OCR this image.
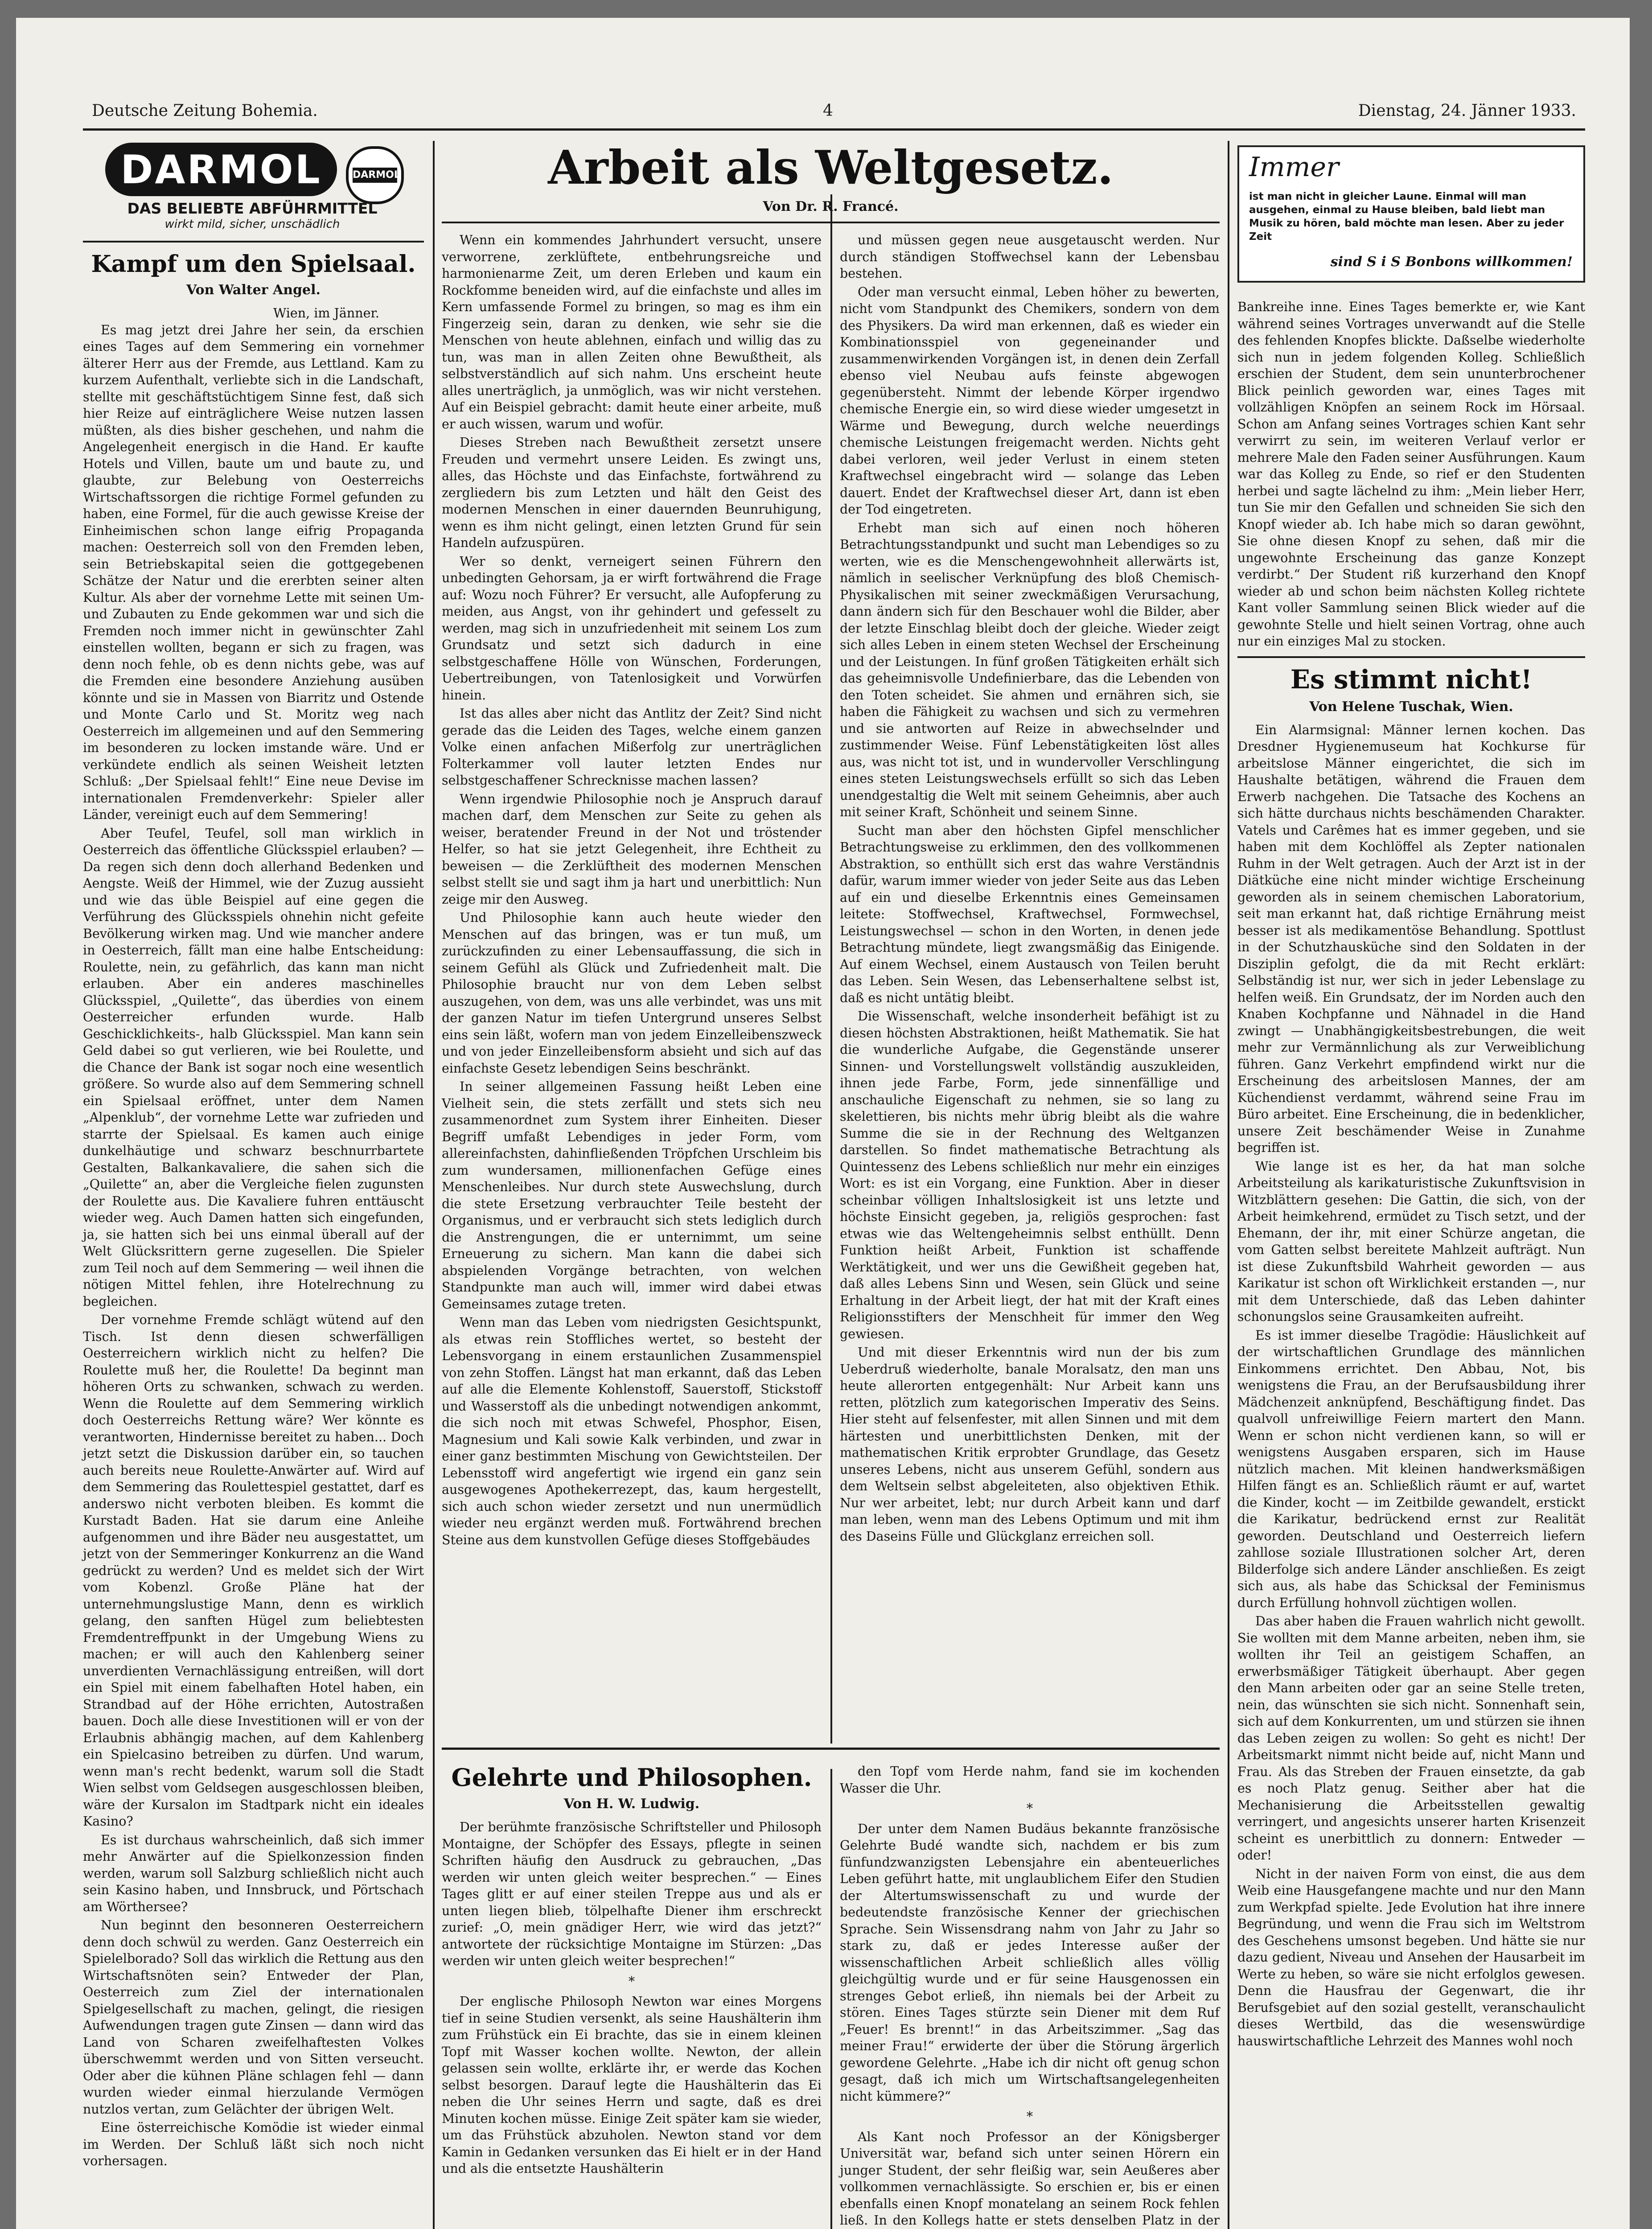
Deutsche Zeitung Bohemia.	4	Dienstag, 24. Jänner 1933.
DARMOL	DARMOL
DAS BELIEBTE ABFÜHRMITTEL
wirkt mild, sicher, unschädlich
Kampf um den Spielsaal.
Von Walter Angel.
Wien, im Jänner.

Es mag jetzt drei Jahre her sein, da erschien eines Tages auf dem Semmering ein vornehmer älterer Herr aus der Fremde, aus Lettland. Kam zu kurzem Aufenthalt, verliebte sich in die Landschaft, stellte mit geschäftstüchtigem Sinne fest, daß sich hier Reize auf einträglichere Weise nutzen lassen müßten, als dies bisher geschehen, und nahm die Angelegenheit energisch in die Hand. Er kaufte Hotels und Villen, baute um und baute zu, und glaubte, zur Belebung von Oesterreichs Wirtschaftssorgen die richtige Formel gefunden zu haben, eine Formel, für die auch gewisse Kreise der Einheimischen schon lange eifrig Propaganda machen: Oesterreich soll von den Fremden leben, sein Betriebskapital seien die gottgegebenen Schätze der Natur und die ererbten seiner alten Kultur. Als aber der vornehme Lette mit seinen Um- und Zubauten zu Ende gekommen war und sich die Fremden noch immer nicht in gewünschter Zahl einstellen wollten, begann er sich zu fragen, was denn noch fehle, ob es denn nichts gebe, was auf die Fremden eine besondere Anziehung ausüben könnte und sie in Massen von Biarritz und Ostende und Monte Carlo und St. Moritz weg nach Oesterreich im allgemeinen und auf den Semmering im besonderen zu locken imstande wäre. Und er verkündete endlich als seinen Weisheit letzten Schluß: „Der Spielsaal fehlt!“ Eine neue Devise im internationalen Fremdenverkehr: Spieler aller Länder, vereinigt euch auf dem Semmering!

Aber Teufel, Teufel, soll man wirklich in Oesterreich das öffentliche Glücksspiel erlauben? — Da regen sich denn doch allerhand Bedenken und Aengste. Weiß der Himmel, wie der Zuzug aussieht und wie das üble Beispiel auf eine gegen die Verführung des Glücksspiels ohnehin nicht gefeite Bevölkerung wirken mag. Und wie mancher andere in Oesterreich, fällt man eine halbe Entscheidung: Roulette, nein, zu gefährlich, das kann man nicht erlauben. Aber ein anderes maschinelles Glücksspiel, „Quilette“, das überdies von einem Oesterreicher erfunden wurde. Halb Geschicklichkeits-, halb Glücksspiel. Man kann sein Geld dabei so gut verlieren, wie bei Roulette, und die Chance der Bank ist sogar noch eine wesentlich größere. So wurde also auf dem Semmering schnell ein Spielsaal eröffnet, unter dem Namen „Alpenklub“, der vornehme Lette war zufrieden und starrte der Spielsaal. Es kamen auch einige dunkelhäutige und schwarz beschnurrbartete Gestalten, Balkankavaliere, die sahen sich die „Quilette“ an, aber die Vergleiche fielen zugunsten der Roulette aus. Die Kavaliere fuhren enttäuscht wieder weg. Auch Damen hatten sich eingefunden, ja, sie hatten sich bei uns einmal überall auf der Welt Glücksrittern gerne zugesellen. Die Spieler zum Teil noch auf dem Semmering — weil ihnen die nötigen Mittel fehlen, ihre Hotelrechnung zu begleichen.

Der vornehme Fremde schlägt wütend auf den Tisch. Ist denn diesen schwerfälligen Oesterreichern wirklich nicht zu helfen? Die Roulette muß her, die Roulette! Da beginnt man höheren Orts zu schwanken, schwach zu werden. Wenn die Roulette auf dem Semmering wirklich doch Oesterreichs Rettung wäre? Wer könnte es verantworten, Hindernisse bereitet zu haben... Doch jetzt setzt die Diskussion darüber ein, so tauchen auch bereits neue Roulette-Anwärter auf. Wird auf dem Semmering das Roulettespiel gestattet, darf es anderswo nicht verboten bleiben. Es kommt die Kurstadt Baden. Hat sie darum eine Anleihe aufgenommen und ihre Bäder neu ausgestattet, um jetzt von der Semmeringer Konkurrenz an die Wand gedrückt zu werden? Und es meldet sich der Wirt vom Kobenzl. Große Pläne hat der unternehmungslustige Mann, denn es wirklich gelang, den sanften Hügel zum beliebtesten Fremdentreffpunkt in der Umgebung Wiens zu machen; er will auch den Kahlenberg seiner unverdienten Vernachlässigung entreißen, will dort ein Spiel mit einem fabelhaften Hotel haben, ein Strandbad auf der Höhe errichten, Autostraßen bauen. Doch alle diese Investitionen will er von der Erlaubnis abhängig machen, auf dem Kahlenberg ein Spielcasino betreiben zu dürfen. Und warum, wenn man's recht bedenkt, warum soll die Stadt Wien selbst vom Geldsegen ausgeschlossen bleiben, wäre der Kursalon im Stadtpark nicht ein ideales Kasino?

Es ist durchaus wahrscheinlich, daß sich immer mehr Anwärter auf die Spielkonzession finden werden, warum soll Salzburg schließlich nicht auch sein Kasino haben, und Innsbruck, und Pörtschach am Wörthersee?

Nun beginnt den besonneren Oesterreichern denn doch schwül zu werden. Ganz Oesterreich ein Spielelborado? Soll das wirklich die Rettung aus den Wirtschaftsnöten sein? Entweder der Plan, Oesterreich zum Ziel der internationalen Spielgesellschaft zu machen, gelingt, die riesigen Aufwendungen tragen gute Zinsen — dann wird das Land von Scharen zweifelhaftesten Volkes überschwemmt werden und von Sitten verseucht. Oder aber die kühnen Pläne schlagen fehl — dann wurden wieder einmal hierzulande Vermögen nutzlos vertan, zum Gelächter der übrigen Welt.

Eine österreichische Komödie ist wieder einmal im Werden. Der Schluß läßt sich noch nicht vorhersagen.

Arbeit als Weltgesetz.
Von Dr. R. Francé.

Wenn ein kommendes Jahrhundert versucht, unsere verworrene, zerklüftete, entbehrungsreiche und harmonienarme Zeit, um deren Erleben und kaum ein Rockfomme beneiden wird, auf die einfachste und alles im Kern umfassende Formel zu bringen, so mag es ihm ein Fingerzeig sein, daran zu denken, wie sehr sie die Menschen von heute ablehnen, einfach und willig das zu tun, was man in allen Zeiten ohne Bewußtheit, als selbstverständlich auf sich nahm. Uns erscheint heute alles unerträglich, ja unmöglich, was wir nicht verstehen. Auf ein Beispiel gebracht: damit heute einer arbeite, muß er auch wissen, warum und wofür.

Dieses Streben nach Bewußtheit zersetzt unsere Freuden und vermehrt unsere Leiden. Es zwingt uns, alles, das Höchste und das Einfachste, fortwährend zu zergliedern bis zum Letzten und hält den Geist des modernen Menschen in einer dauernden Beunruhigung, wenn es ihm nicht gelingt, einen letzten Grund für sein Handeln aufzuspüren.

Wer so denkt, verneigert seinen Führern den unbedingten Gehorsam, ja er wirft fortwährend die Frage auf: Wozu noch Führer? Er versucht, alle Aufopferung zu meiden, aus Angst, von ihr gehindert und gefesselt zu werden, mag sich in unzufriedenheit mit seinem Los zum Grundsatz und setzt sich dadurch in eine selbstgeschaffene Hölle von Wünschen, Forderungen, Uebertreibungen, von Tatenlosigkeit und Vorwürfen hinein.

Ist das alles aber nicht das Antlitz der Zeit? Sind nicht gerade das die Leiden des Tages, welche einem ganzen Volke einen anfachen Mißerfolg zur unerträglichen Folterkammer voll lauter letzten Endes nur selbstgeschaffener Schrecknisse machen lassen?

Wenn irgendwie Philosophie noch je Anspruch darauf machen darf, dem Menschen zur Seite zu gehen als weiser, beratender Freund in der Not und tröstender Helfer, so hat sie jetzt Gelegenheit, ihre Echtheit zu beweisen — die Zerklüftheit des modernen Menschen selbst stellt sie und sagt ihm ja hart und unerbittlich: Nun zeige mir den Ausweg.

Und Philosophie kann auch heute wieder den Menschen auf das bringen, was er tun muß, um zurückzufinden zu einer Lebensauffassung, die sich in seinem Gefühl als Glück und Zufriedenheit malt. Die Philosophie braucht nur von dem Leben selbst auszugehen, von dem, was uns alle verbindet, was uns mit der ganzen Natur im tiefen Untergrund unseres Selbst eins sein läßt, wofern man von jedem Einzelleibenszweck und von jeder Einzelleibensform absieht und sich auf das einfachste Gesetz lebendigen Seins beschränkt.

In seiner allgemeinen Fassung heißt Leben eine Vielheit sein, die stets zerfällt und stets sich neu zusammenordnet zum System ihrer Einheiten. Dieser Begriff umfaßt Lebendiges in jeder Form, vom allereinfachsten, dahinfließenden Tröpfchen Urschleim bis zum wundersamen, millionenfachen Gefüge eines Menschenleibes. Nur durch stete Auswechslung, durch die stete Ersetzung verbrauchter Teile besteht der Organismus, und er verbraucht sich stets lediglich durch die Anstrengungen, die er unternimmt, um seine Erneuerung zu sichern. Man kann die dabei sich abspielenden Vorgänge betrachten, von welchen Standpunkte man auch will, immer wird dabei etwas Gemeinsames zutage treten.

Wenn man das Leben vom niedrigsten Gesichtspunkt, als etwas rein Stoffliches wertet, so besteht der Lebensvorgang in einem erstaunlichen Zusammenspiel von zehn Stoffen. Längst hat man erkannt, daß das Leben auf alle die Elemente Kohlenstoff, Sauerstoff, Stickstoff und Wasserstoff als die unbedingt notwendigen ankommt, die sich noch mit etwas Schwefel, Phosphor, Eisen, Magnesium und Kali sowie Kalk verbinden, und zwar in einer ganz bestimmten Mischung von Gewichtsteilen. Der Lebensstoff wird angefertigt wie irgend ein ganz sein ausgewogenes Apothekerrezept, das, kaum hergestellt, sich auch schon wieder zersetzt und nun unermüdlich wieder neu ergänzt werden muß. Fortwährend brechen Steine aus dem kunstvollen Gefüge dieses Stoffgebäudes

und müssen gegen neue ausgetauscht werden. Nur durch ständigen Stoffwechsel kann der Lebensbau bestehen.

Oder man versucht einmal, Leben höher zu bewerten, nicht vom Standpunkt des Chemikers, sondern von dem des Physikers. Da wird man erkennen, daß es wieder ein Kombinationsspiel von gegeneinander und zusammenwirkenden Vorgängen ist, in denen dein Zerfall ebenso viel Neubau aufs feinste abgewogen gegenübersteht. Nimmt der lebende Körper irgendwo chemische Energie ein, so wird diese wieder umgesetzt in Wärme und Bewegung, durch welche neuerdings chemische Leistungen freigemacht werden. Nichts geht dabei verloren, weil jeder Verlust in einem steten Kraftwechsel eingebracht wird — solange das Leben dauert. Endet der Kraftwechsel dieser Art, dann ist eben der Tod eingetreten.

Erhebt man sich auf einen noch höheren Betrachtungsstandpunkt und sucht man Lebendiges so zu werten, wie es die Menschengewohnheit allerwärts ist, nämlich in seelischer Verknüpfung des bloß Chemisch-Physikalischen mit seiner zweckmäßigen Verursachung, dann ändern sich für den Beschauer wohl die Bilder, aber der letzte Einschlag bleibt doch der gleiche. Wieder zeigt sich alles Leben in einem steten Wechsel der Erscheinung und der Leistungen. In fünf großen Tätigkeiten erhält sich das geheimnisvolle Undefinierbare, das die Lebenden von den Toten scheidet. Sie ahmen und ernähren sich, sie haben die Fähigkeit zu wachsen und sich zu vermehren und sie antworten auf Reize in abwechselnder und zustimmender Weise. Fünf Lebenstätigkeiten löst alles aus, was nicht tot ist, und in wundervoller Verschlingung eines steten Leistungswechsels erfüllt so sich das Leben unendgestaltig die Welt mit seinem Geheimnis, aber auch mit seiner Kraft, Schönheit und seinem Sinne.

Sucht man aber den höchsten Gipfel menschlicher Betrachtungsweise zu erklimmen, den des vollkommenen Abstraktion, so enthüllt sich erst das wahre Verständnis dafür, warum immer wieder von jeder Seite aus das Leben auf ein und dieselbe Erkenntnis eines Gemeinsamen leitete: Stoffwechsel, Kraftwechsel, Formwechsel, Leistungswechsel — schon in den Worten, in denen jede Betrachtung mündete, liegt zwangsmäßig das Einigende. Auf einem Wechsel, einem Austausch von Teilen beruht das Leben. Sein Wesen, das Lebenserhaltene selbst ist, daß es nicht untätig bleibt.

Die Wissenschaft, welche insonderheit befähigt ist zu diesen höchsten Abstraktionen, heißt Mathematik. Sie hat die wunderliche Aufgabe, die Gegenstände unserer Sinnen- und Vorstellungswelt vollständig auszukleiden, ihnen jede Farbe, Form, jede sinnenfällige und anschauliche Eigenschaft zu nehmen, sie so lang zu skelettieren, bis nichts mehr übrig bleibt als die wahre Summe die sie in der Rechnung des Weltganzen darstellen. So findet mathematische Betrachtung als Quintessenz des Lebens schließlich nur mehr ein einziges Wort: es ist ein Vorgang, eine Funktion. Aber in dieser scheinbar völligen Inhaltslosigkeit ist uns letzte und höchste Einsicht gegeben, ja, religiös gesprochen: fast etwas wie das Weltengeheimnis selbst enthüllt. Denn Funktion heißt Arbeit, Funktion ist schaffende Werktätigkeit, und wer uns die Gewißheit gegeben hat, daß alles Lebens Sinn und Wesen, sein Glück und seine Erhaltung in der Arbeit liegt, der hat mit der Kraft eines Religionsstifters der Menschheit für immer den Weg gewiesen.

Und mit dieser Erkenntnis wird nun der bis zum Ueberdruß wiederholte, banale Moralsatz, den man uns heute allerorten entgegenhält: Nur Arbeit kann uns retten, plötzlich zum kategorischen Imperativ des Seins. Hier steht auf felsenfester, mit allen Sinnen und mit dem härtesten und unerbittlichsten Denken, mit der mathematischen Kritik erprobter Grundlage, das Gesetz unseres Lebens, nicht aus unserem Gefühl, sondern aus dem Weltsein selbst abgeleiteten, also objektiven Ethik. Nur wer arbeitet, lebt; nur durch Arbeit kann und darf man leben, wenn man des Lebens Optimum und mit ihm des Daseins Fülle und Glückglanz erreichen soll.

Gelehrte und Philosophen.
Von H. W. Ludwig.

Der berühmte französische Schriftsteller und Philosoph Montaigne, der Schöpfer des Essays, pflegte in seinen Schriften häufig den Ausdruck zu gebrauchen, „Das werden wir unten gleich weiter besprechen.“ — Eines Tages glitt er auf einer steilen Treppe aus und als er unten liegen blieb, tölpelhafte Diener ihm erschreckt zurief: „O, mein gnädiger Herr, wie wird das jetzt?“ antwortete der rücksichtige Montaigne im Stürzen: „Das werden wir unten gleich weiter besprechen!“

*

Der englische Philosoph Newton war eines Morgens tief in seine Studien versenkt, als seine Haushälterin ihm zum Frühstück ein Ei brachte, das sie in einem kleinen Topf mit Wasser kochen wollte. Newton, der allein gelassen sein wollte, erklärte ihr, er werde das Kochen selbst besorgen. Darauf legte die Haushälterin das Ei neben die Uhr seines Herrn und sagte, daß es drei Minuten kochen müsse. Einige Zeit später kam sie wieder, um das Frühstück abzuholen. Newton stand vor dem Kamin in Gedanken versunken das Ei hielt er in der Hand und als die entsetzte Haushälterin

den Topf vom Herde nahm, fand sie im kochenden Wasser die Uhr.

*

Der unter dem Namen Budäus bekannte französische Gelehrte Budé wandte sich, nachdem er bis zum fünfundzwanzigsten Lebensjahre ein abenteuerliches Leben geführt hatte, mit unglaublichem Eifer den Studien der Altertumswissenschaft zu und wurde der bedeutendste französische Kenner der griechischen Sprache. Sein Wissensdrang nahm von Jahr zu Jahr so stark zu, daß er jedes Interesse außer der wissenschaftlichen Arbeit schließlich alles völlig gleichgültig wurde und er für seine Hausgenossen ein strenges Gebot erließ, ihn niemals bei der Arbeit zu stören. Eines Tages stürzte sein Diener mit dem Ruf „Feuer! Es brennt!“ in das Arbeitszimmer. „Sag das meiner Frau!“ erwiderte der über die Störung ärgerlich gewordene Gelehrte. „Habe ich dir nicht oft genug schon gesagt, daß ich mich um Wirtschaftsangelegenheiten nicht kümmere?“

*

Als Kant noch Professor an der Königsberger Universität war, befand sich unter seinen Hörern ein junger Student, der sehr fleißig war, sein Aeußeres aber vollkommen vernachlässigte. So erschien er, bis er einen ebenfalls einen Knopf monatelang an seinem Rock fehlen ließ. In den Kollegs hatte er stets denselben Platz in der

Immer
ist man nicht in gleicher Laune. Einmal will man ausgehen, einmal zu Hause bleiben, bald liebt man Musik zu hören, bald möchte man lesen. Aber zu jeder Zeit
sind S i S Bonbons willkommen!

Bankreihe inne. Eines Tages bemerkte er, wie Kant während seines Vortrages unverwandt auf die Stelle des fehlenden Knopfes blickte. Daßselbe wiederholte sich nun in jedem folgenden Kolleg. Schließlich erschien der Student, dem sein ununterbrochener Blick peinlich geworden war, eines Tages mit vollzähligen Knöpfen an seinem Rock im Hörsaal. Schon am Anfang seines Vortrages schien Kant sehr verwirrt zu sein, im weiteren Verlauf verlor er mehrere Male den Faden seiner Ausführungen. Kaum war das Kolleg zu Ende, so rief er den Studenten herbei und sagte lächelnd zu ihm: „Mein lieber Herr, tun Sie mir den Gefallen und schneiden Sie sich den Knopf wieder ab. Ich habe mich so daran gewöhnt, Sie ohne diesen Knopf zu sehen, daß mir die ungewohnte Erscheinung das ganze Konzept verdirbt.“ Der Student riß kurzerhand den Knopf wieder ab und schon beim nächsten Kolleg richtete Kant voller Sammlung seinen Blick wieder auf die gewohnte Stelle und hielt seinen Vortrag, ohne auch nur ein einziges Mal zu stocken.

Es stimmt nicht!
Von Helene Tuschak, Wien.

Ein Alarmsignal: Männer lernen kochen. Das Dresdner Hygienemuseum hat Kochkurse für arbeitslose Männer eingerichtet, die sich im Haushalte betätigen, während die Frauen dem Erwerb nachgehen. Die Tatsache des Kochens an sich hätte durchaus nichts beschämenden Charakter. Vatels und Carêmes hat es immer gegeben, und sie haben mit dem Kochlöffel als Zepter nationalen Ruhm in der Welt getragen. Auch der Arzt ist in der Diätküche eine nicht minder wichtige Erscheinung geworden als in seinem chemischen Laboratorium, seit man erkannt hat, daß richtige Ernährung meist besser ist als medikamentöse Behandlung. Spottlust in der Schutzhausküche sind den Soldaten in der Disziplin gefolgt, die da mit Recht erklärt: Selbständig ist nur, wer sich in jeder Lebenslage zu helfen weiß. Ein Grundsatz, der im Norden auch den Knaben Kochpfanne und Nähnadel in die Hand zwingt — Unabhängigkeitsbestrebungen, die weit mehr zur Vermännlichung als zur Verweiblichung führen. Ganz Verkehrt empfindend wirkt nur die Erscheinung des arbeitslosen Mannes, der am Küchendienst verdammt, während seine Frau im Büro arbeitet. Eine Erscheinung, die in bedenklicher, unsere Zeit beschämender Weise in Zunahme begriffen ist.

Wie lange ist es her, da hat man solche Arbeitsteilung als karikaturistische Zukunftsvision in Witzblättern gesehen: Die Gattin, die sich, von der Arbeit heimkehrend, ermüdet zu Tisch setzt, und der Ehemann, der ihr, mit einer Schürze angetan, die vom Gatten selbst bereitete Mahlzeit aufträgt. Nun ist diese Zukunftsbild Wahrheit geworden — aus Karikatur ist schon oft Wirklichkeit erstanden —, nur mit dem Unterschiede, daß das Leben dahinter schonungslos seine Grausamkeiten aufreiht.

Es ist immer dieselbe Tragödie: Häuslichkeit auf der wirtschaftlichen Grundlage des männlichen Einkommens errichtet. Den Abbau, Not, bis wenigstens die Frau, an der Berufsausbildung ihrer Mädchenzeit anknüpfend, Beschäftigung findet. Das qualvoll unfreiwillige Feiern martert den Mann. Wenn er schon nicht verdienen kann, so will er wenigstens Ausgaben ersparen, sich im Hause nützlich machen. Mit kleinen handwerksmäßigen Hilfen fängt es an. Schließlich räumt er auf, wartet die Kinder, kocht — im Zeitbilde gewandelt, erstickt die Karikatur, bedrückend ernst zur Realität geworden. Deutschland und Oesterreich liefern zahllose soziale Illustrationen solcher Art, deren Bilderfolge sich andere Länder anschließen. Es zeigt sich aus, als habe das Schicksal der Feminismus durch Erfüllung hohnvoll züchtigen wollen.

Das aber haben die Frauen wahrlich nicht gewollt. Sie wollten mit dem Manne arbeiten, neben ihm, sie wollten ihr Teil an geistigem Schaffen, an erwerbsmäßiger Tätigkeit überhaupt. Aber gegen den Mann arbeiten oder gar an seine Stelle treten, nein, das wünschten sie sich nicht. Sonnenhaft sein, sich auf dem Konkurrenten, um und stürzen sie ihnen das Leben zeigen zu wollen: So geht es nicht! Der Arbeitsmarkt nimmt nicht beide auf, nicht Mann und Frau. Als das Streben der Frauen einsetzte, da gab es noch Platz genug. Seither aber hat die Mechanisierung die Arbeitsstellen gewaltig verringert, und angesichts unserer harten Krisenzeit scheint es unerbittlich zu donnern: Entweder — oder!

Nicht in der naiven Form von einst, die aus dem Weib eine Hausgefangene machte und nur den Mann zum Werkpfad spielte. Jede Evolution hat ihre innere Begründung, und wenn die Frau sich im Weltstrom des Geschehens umsonst begeben. Und hätte sie nur dazu gedient, Niveau und Ansehen der Hausarbeit im Werte zu heben, so wäre sie nicht erfolglos gewesen. Denn die Hausfrau der Gegenwart, die ihr Berufsgebiet auf den sozial gestellt, veranschaulicht dieses Wertbild, das die wesenswürdige hauswirtschaftliche Lehrzeit des Mannes wohl noch
